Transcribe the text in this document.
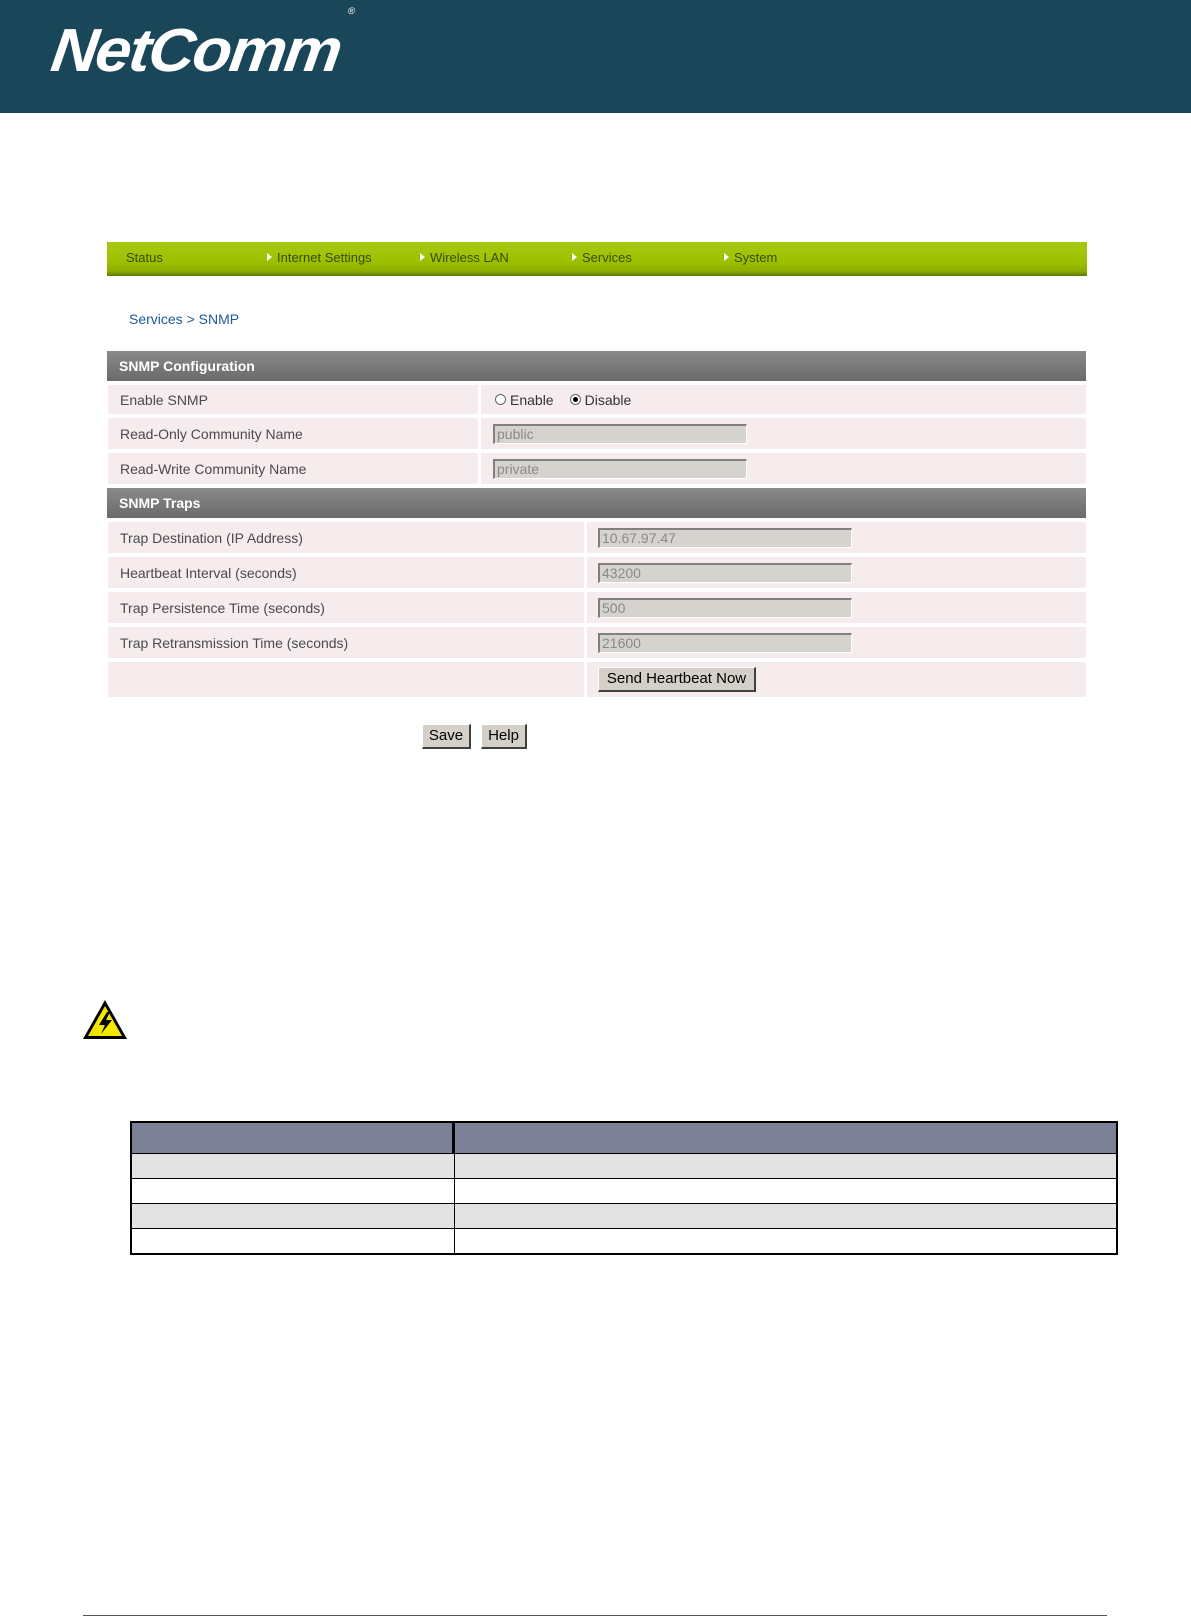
NetComm®
Status	Internet Settings	Wireless LAN	Services	System
Services > SNMP
SNMP Configuration
Enable SNMP	Enable Disable
Read-Only Community Name	public
Read-Write Community Name	private
SNMP Traps
Trap Destination (IP Address)	10.67.97.47
Heartbeat Interval (seconds)	43200
Trap Persistence Time (seconds)	500
Trap Retransmission Time (seconds)	21600
Send Heartbeat Now
Save	Help
